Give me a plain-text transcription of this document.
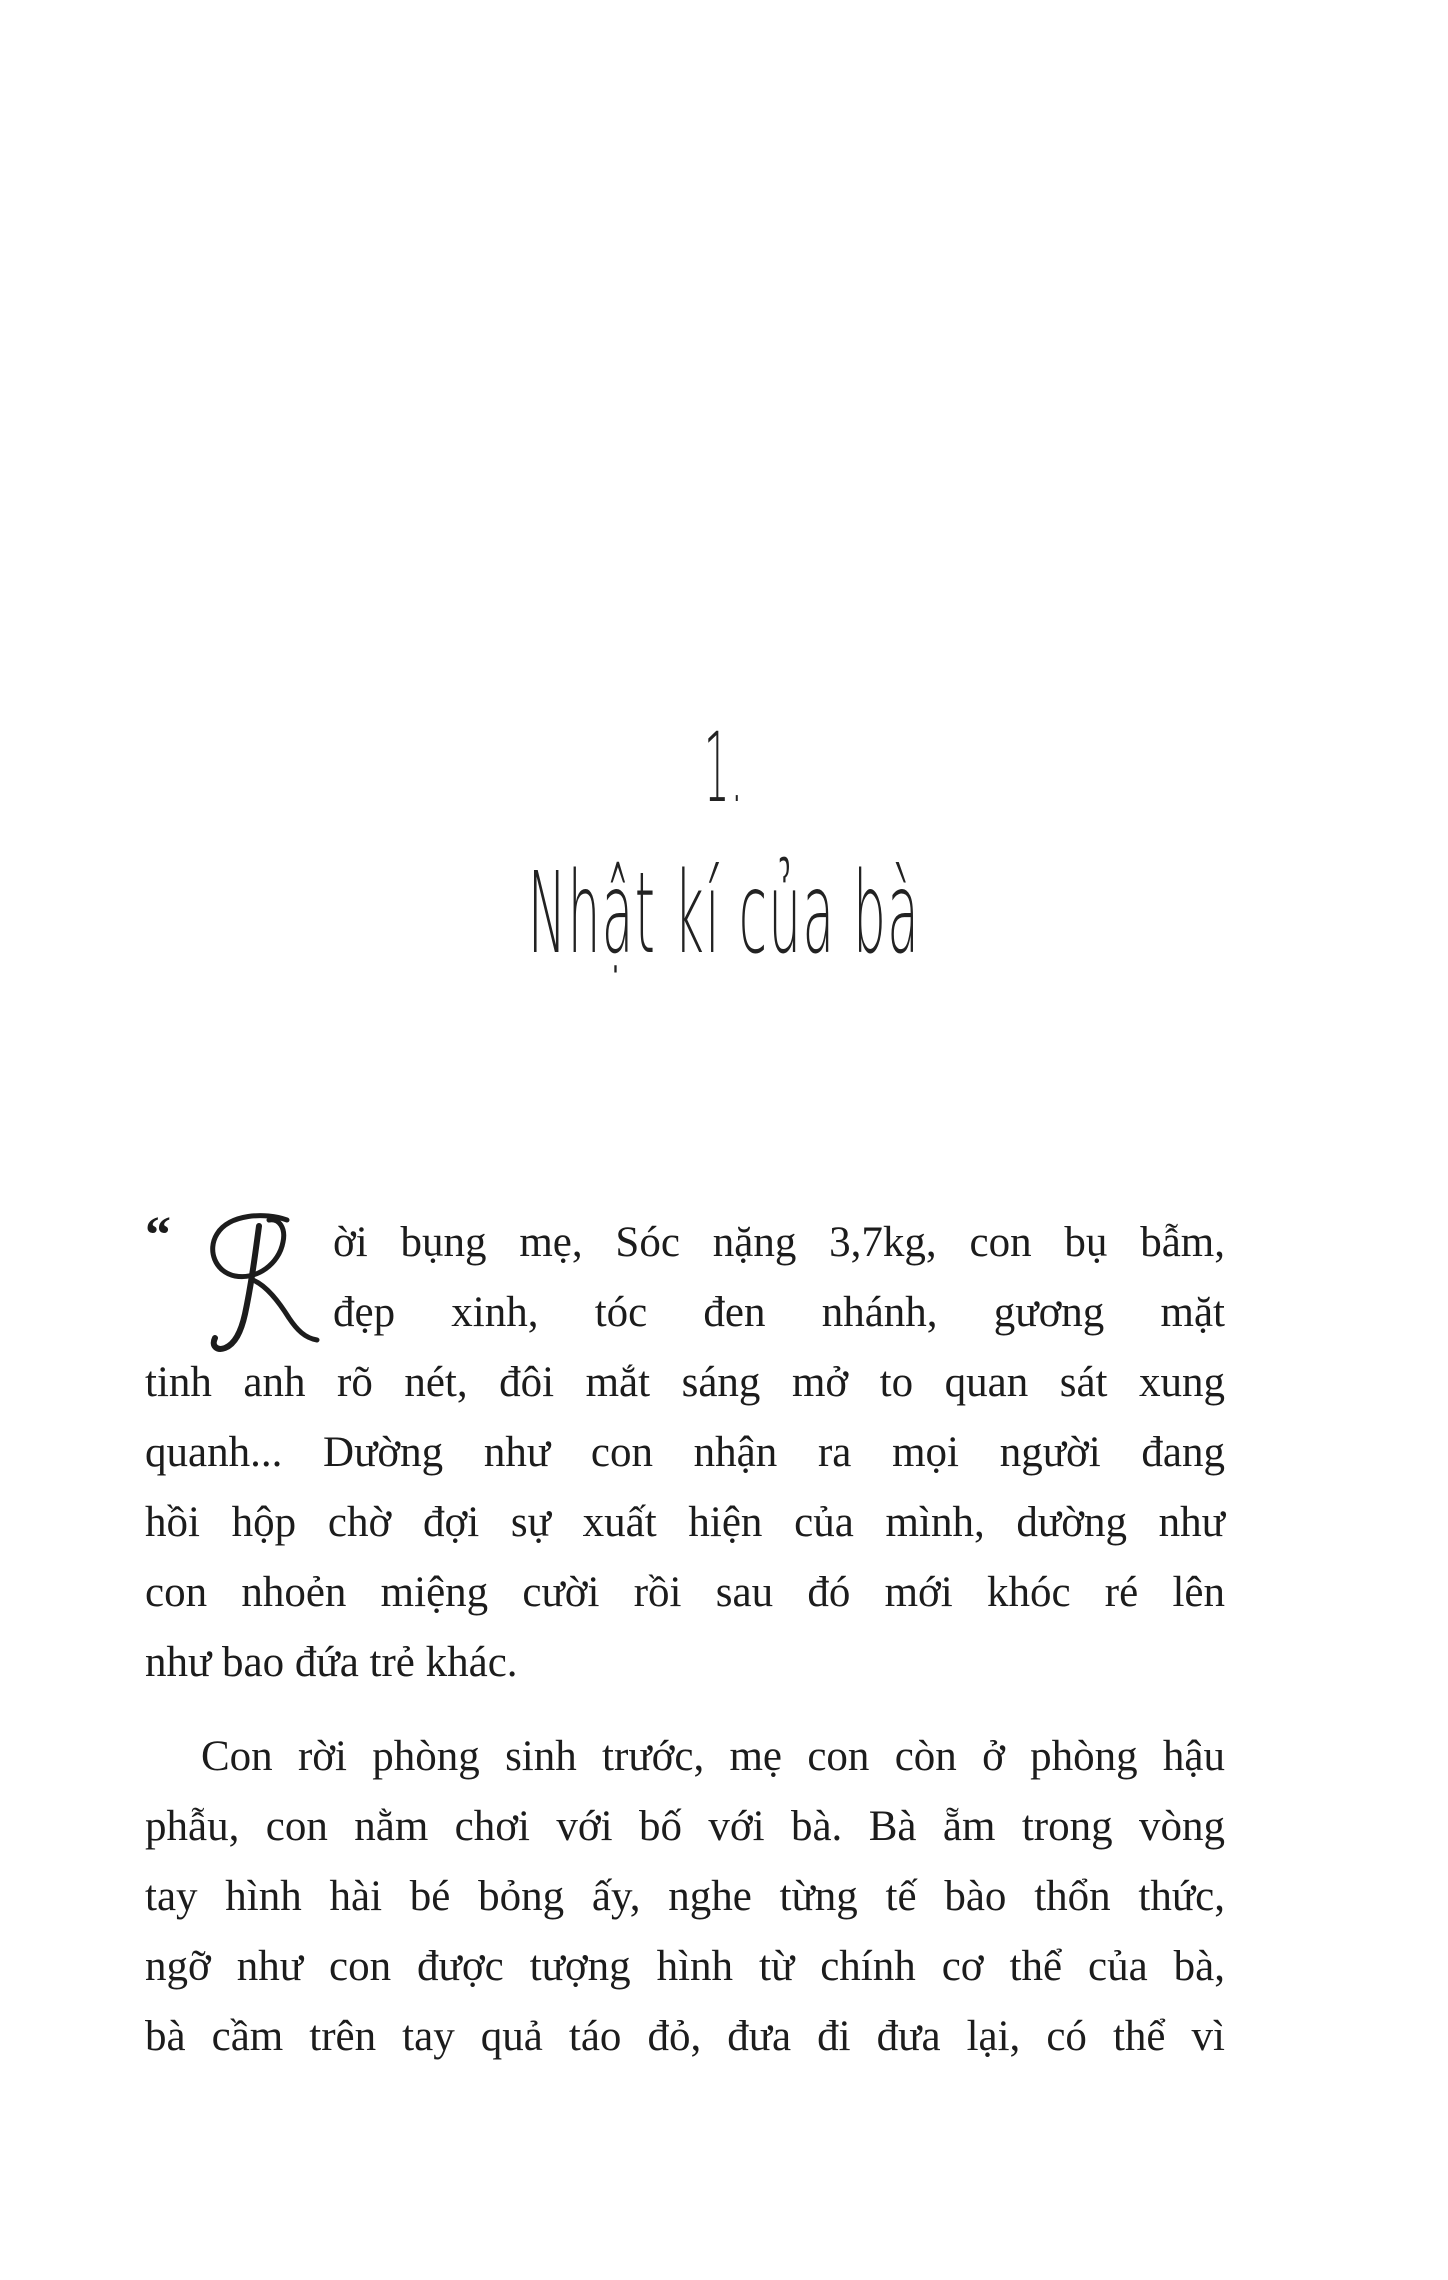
1.
Nhật kí của bà
“	ời bụng mẹ, Sóc nặng 3,7kg, con bụ bẫm,
đẹp xinh, tóc đen nhánh, gương mặt
tinh anh rõ nét, đôi mắt sáng mở to quan sát xung
quanh... Dường như con nhận ra mọi người đang
hồi hộp chờ đợi sự xuất hiện của mình, dường như
con nhoẻn miệng cười rồi sau đó mới khóc ré lên
như bao đứa trẻ khác.
Con rời phòng sinh trước, mẹ con còn ở phòng hậu
phẫu, con nằm chơi với bố với bà. Bà ẵm trong vòng
tay hình hài bé bỏng ấy, nghe từng tế bào thổn thức,
ngỡ như con được tượng hình từ chính cơ thể của bà,
bà cầm trên tay quả táo đỏ, đưa đi đưa lại, có thể vì
